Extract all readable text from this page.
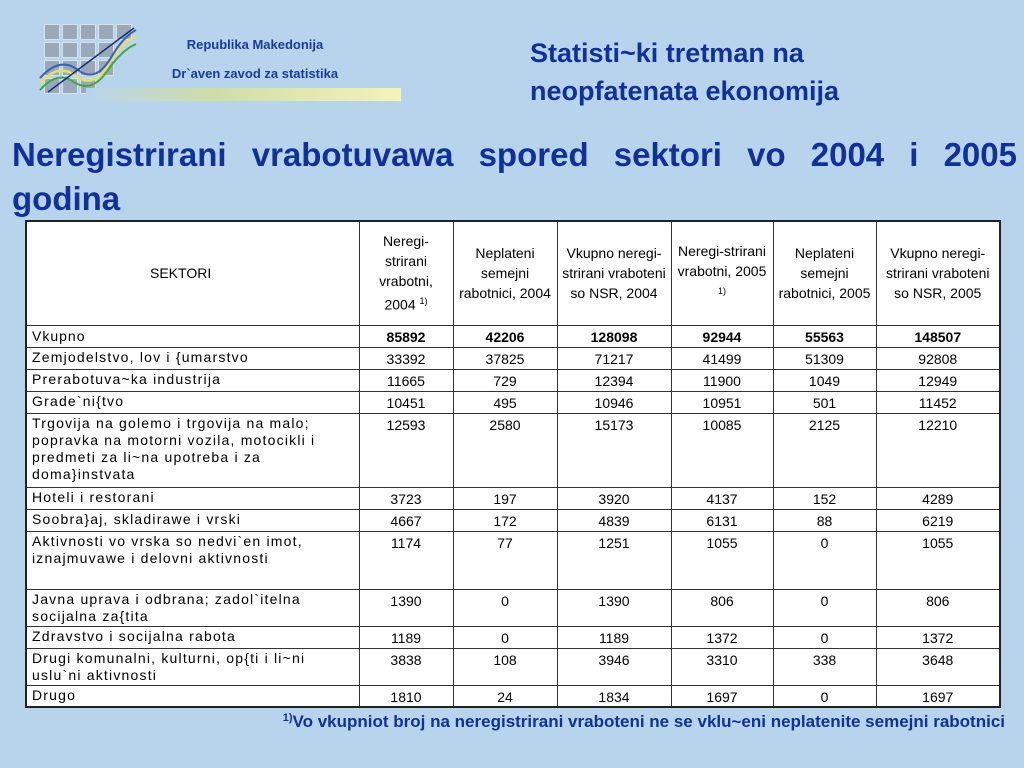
Republika Makedonija
Dr`aven zavod za statistika
Statisti~ki tretman na
neopfatenata ekonomija
Neregistrirani vrabotuvawa spored sektori vo 2004 i 2005 godina
SEKTORI	Neregi-strirani vrabotni, 2004 $^{1)}$	Neplateni semejni rabotnici, 2004	Vkupno neregi-strirani vraboteni so NSR, 2004	Neregi-strirani vrabotni, 2005 $^{1)}$	Neplateni semejni rabotnici, 2005	Vkupno neregi-strirani vraboteni so NSR, 2005
Vkupno	85892	42206	128098	92944	55563	148507
Zemjodelstvo, lov i {umarstvo	33392	37825	71217	41499	51309	92808
Prerabotuva~ka industrija	11665	729	12394	11900	1049	12949
Grade`ni{tvo	10451	495	10946	10951	501	11452
Trgovija na golemo i trgovija na malo; popravka na motorni vozila, motocikli i predmeti za li~na upotreba i za doma}instvata	12593	2580	15173	10085	2125	12210
Hoteli i restorani	3723	197	3920	4137	152	4289
Soobra}aj, skladirawe i vrski	4667	172	4839	6131	88	6219
Aktivnosti vo vrska so nedvi`en imot, iznajmuvawe i delovni aktivnosti	1174	77	1251	1055	0	1055
Javna uprava i odbrana; zadol`itelna socijalna za{tita	1390	0	1390	806	0	806
Zdravstvo i socijalna rabota	1189	0	1189	1372	0	1372
Drugi komunalni, kulturni, op{ti i li~ni uslu`ni aktivnosti	3838	108	3946	3310	338	3648
Drugo	1810	24	1834	1697	0	1697
$^{1)}$Vo vkupniot broj na neregistrirani vraboteni ne se vklu~eni neplatenite semejni rabotnici
